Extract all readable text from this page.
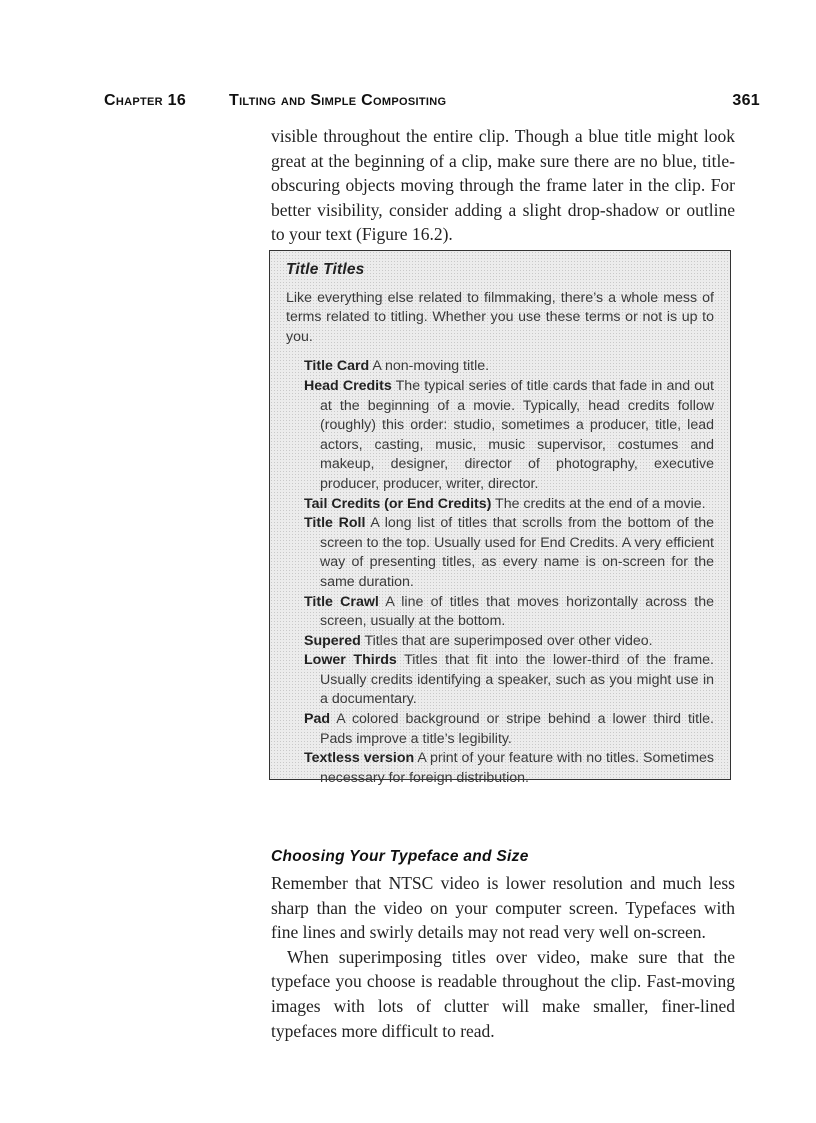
Chapter 16	Tilting and Simple Compositing	361

visible throughout the entire clip. Though a blue title might look great at the beginning of a clip, make sure there are no blue, title-obscuring objects moving through the frame later in the clip. For better visibility, consider adding a slight drop-shadow or outline to your text (Figure 16.2).

Title Titles

Like everything else related to filmmaking, there’s a whole mess of terms related to titling. Whether you use these terms or not is up to you.

Title Card A non-moving title.
Head Credits The typical series of title cards that fade in and out at the beginning of a movie. Typically, head credits follow (roughly) this order: studio, sometimes a producer, title, lead actors, casting, music, music supervisor, costumes and makeup, designer, director of photography, executive producer, producer, writer, director.
Tail Credits (or End Credits) The credits at the end of a movie.
Title Roll A long list of titles that scrolls from the bottom of the screen to the top. Usually used for End Credits. A very efficient way of presenting titles, as every name is on-screen for the same duration.
Title Crawl A line of titles that moves horizontally across the screen, usually at the bottom.
Supered Titles that are superimposed over other video.
Lower Thirds Titles that fit into the lower-third of the frame. Usually credits identifying a speaker, such as you might use in a documentary.
Pad A colored background or stripe behind a lower third title. Pads improve a title’s legibility.
Textless version A print of your feature with no titles. Sometimes necessary for foreign distribution.
Choosing Your Typeface and Size

Remember that NTSC video is lower resolution and much less sharp than the video on your computer screen. Typefaces with fine lines and swirly details may not read very well on-screen.

When superimposing titles over video, make sure that the typeface you choose is readable throughout the clip. Fast-moving images with lots of clutter will make smaller, finer-lined typefaces more difficult to read.
